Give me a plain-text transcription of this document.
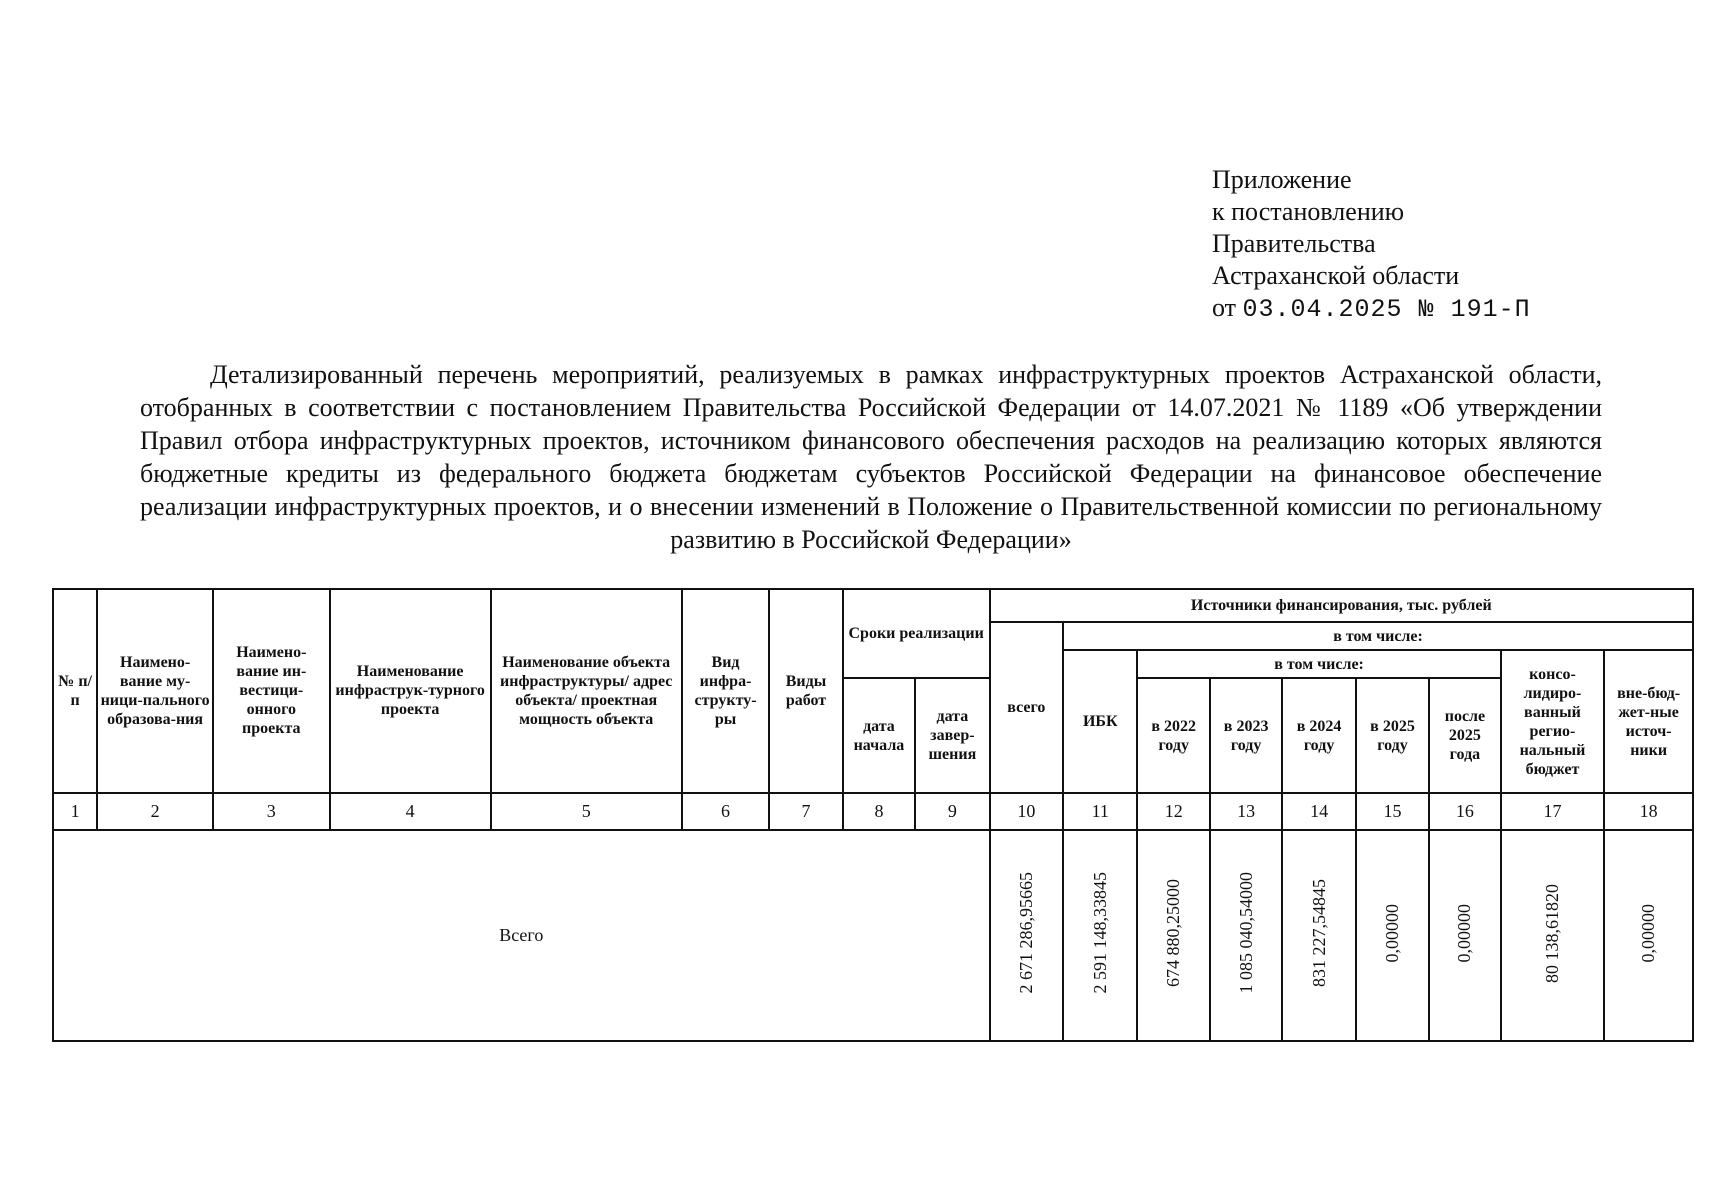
Приложение
к постановлению
Правительства
Астраханской области
от 03.04.2025 № 191-П
Детализированный перечень мероприятий, реализуемых в рамках инфраструктурных проектов Астраханской области, отобранных в соответствии с постановлением Правительства Российской Федерации от 14.07.2021 № 1189 «Об утверждении Правил отбора инфраструктурных проектов, источником финансового обеспечения расходов на реализацию которых являются бюджетные кредиты из федерального бюджета бюджетам субъектов Российской Федерации на финансовое обеспечение реализации инфраструктурных проектов, и о внесении изменений в Положение о Правительственной комиссии по региональному развитию в Российской Федерации»
№ п/п	Наимено-вание му-ници-пального образова-ния	Наимено-вание ин-вестици-онного проекта	Наименование инфраструк-турного проекта	Наименование объекта инфраструктуры/ адрес объекта/ проектная мощность объекта	Вид инфра-структу-ры	Виды работ	Сроки реализации		Источники финансирования, тыс. рублей								
									всего	в том числе:							
										ИБК	в том числе:					консо-лидиро-ванный регио-нальный бюджет	вне-бюд-жет-ные источ-ники
							дата начала	дата завер-шения			в 2022 году	в 2023 году	в 2024 году	в 2025 году	после 2025 года		
1	2	3	4	5	6	7	8	9	10	11	12	13	14	15	16	17	18
Всего									2 671 286,95665	2 591 148,33845	674 880,25000	1 085 040,54000	831 227,54845	0,00000	0,00000	80 138,61820	0,00000
